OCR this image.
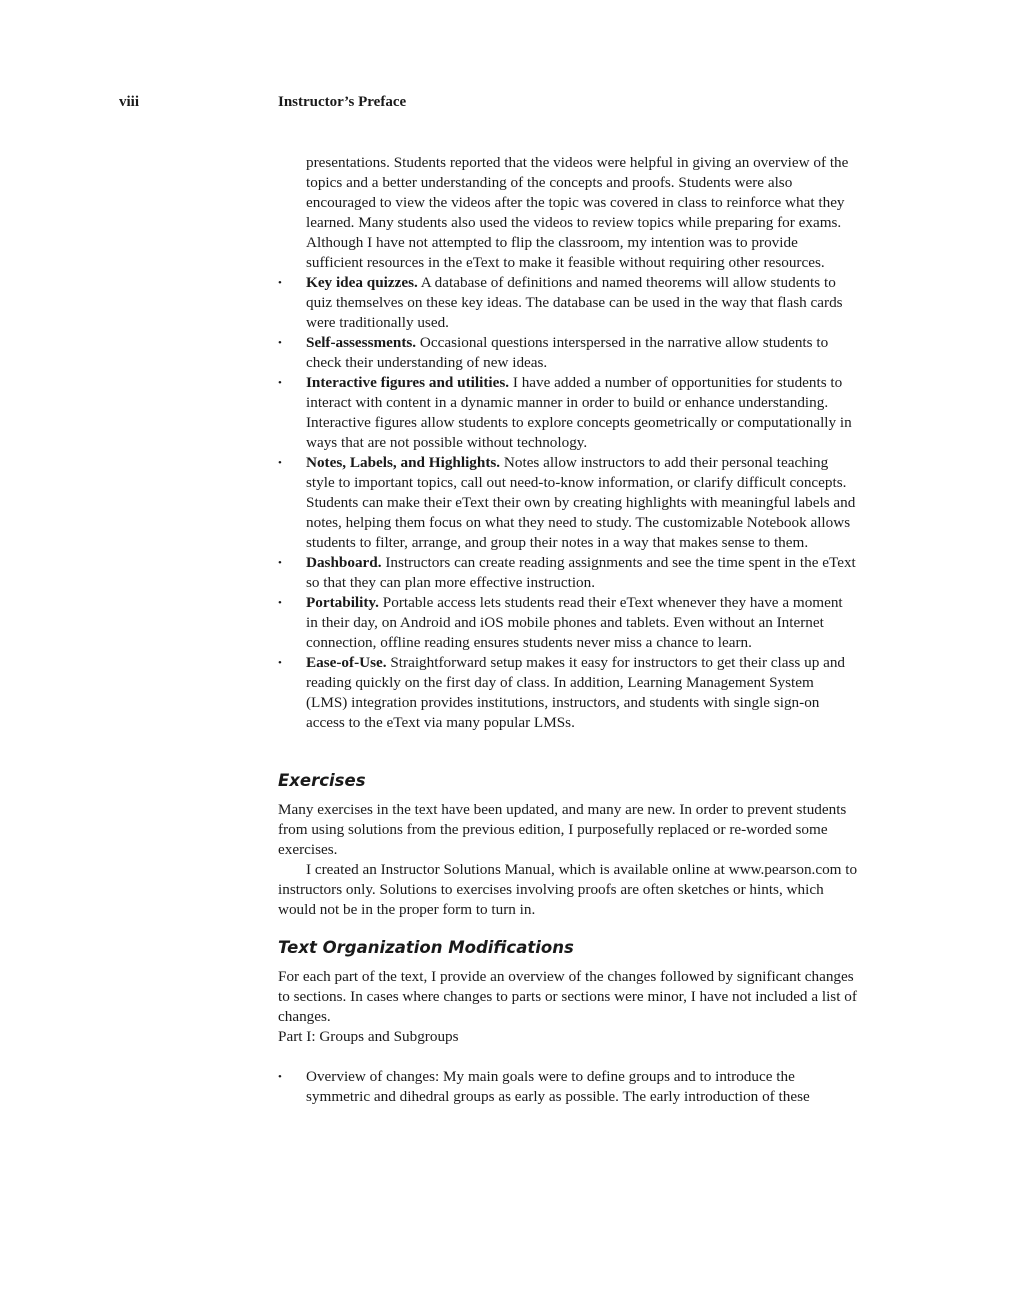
viii	Instructor’s Preface

presentations. Students reported that the videos were helpful in giving an overview of the topics and a better understanding of the concepts and proofs. Students were also encouraged to view the videos after the topic was covered in class to reinforce what they learned. Many students also used the videos to review topics while preparing for exams. Although I have not attempted to flip the classroom, my intention was to provide sufficient resources in the eText to make it feasible without requiring other resources.

•	Key idea quizzes. A database of definitions and named theorems will allow students to quiz themselves on these key ideas. The database can be used in the way that flash cards were traditionally used.
•	Self-assessments. Occasional questions interspersed in the narrative allow students to check their understanding of new ideas.
•	Interactive figures and utilities. I have added a number of opportunities for students to interact with content in a dynamic manner in order to build or enhance understanding. Interactive figures allow students to explore concepts geometrically or computationally in ways that are not possible without technology.
•	Notes, Labels, and Highlights. Notes allow instructors to add their personal teaching style to important topics, call out need-to-know information, or clarify difficult concepts. Students can make their eText their own by creating highlights with meaningful labels and notes, helping them focus on what they need to study. The customizable Notebook allows students to filter, arrange, and group their notes in a way that makes sense to them.
•	Dashboard. Instructors can create reading assignments and see the time spent in the eText so that they can plan more effective instruction.
•	Portability. Portable access lets students read their eText whenever they have a moment in their day, on Android and iOS mobile phones and tablets. Even without an Internet connection, offline reading ensures students never miss a chance to learn.
•	Ease-of-Use. Straightforward setup makes it easy for instructors to get their class up and reading quickly on the first day of class. In addition, Learning Management System (LMS) integration provides institutions, instructors, and students with single sign-on access to the eText via many popular LMSs.
Exercises

Many exercises in the text have been updated, and many are new. In order to prevent students from using solutions from the previous edition, I purposefully replaced or re-worded some exercises.

I created an Instructor Solutions Manual, which is available online at www.pearson.com to instructors only. Solutions to exercises involving proofs are often sketches or hints, which would not be in the proper form to turn in.

Text Organization Modifications

For each part of the text, I provide an overview of the changes followed by significant changes to sections. In cases where changes to parts or sections were minor, I have not included a list of changes.

Part I: Groups and Subgroups

•	Overview of changes: My main goals were to define groups and to introduce the symmetric and dihedral groups as early as possible. The early introduction of these
